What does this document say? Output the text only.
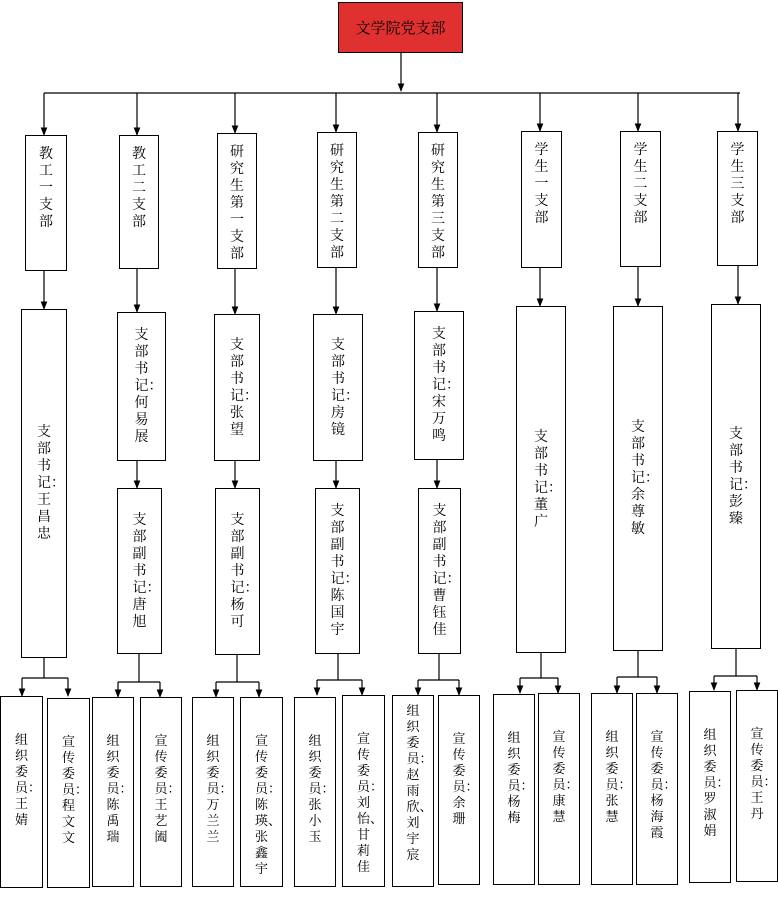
文学院党支部
教工一支部
支部书记：王昌忠
组织委员：王婧
宣传委员：程文文
教工二支部
支部书记：何易展
支部副书记：唐旭
组织委员：陈禹瑞
宣传委员：王艺阖
研究生第一支部
支部书记：张望
支部副书记：杨可
组织委员：万兰兰
宣传委员：陈瑛、张鑫宇
研究生第二支部
支部书记：房镜
支部副书记：陈国宇
组织委员：张小玉
宣传委员：刘怡、甘莉佳
研究生第三支部
支部书记：宋万鸣
支部副书记：曹钰佳
组织委员：赵雨欣、刘宇宸
宣传委员：余珊
学生一支部
支部书记：董广
组织委员：杨梅
宣传委员：康慧
学生二支部
支部书记：余尊敏
组织委员：张慧
宣传委员：杨海霞
学生三支部
支部书记：彭臻
组织委员：罗淑娟
宣传委员：王丹
